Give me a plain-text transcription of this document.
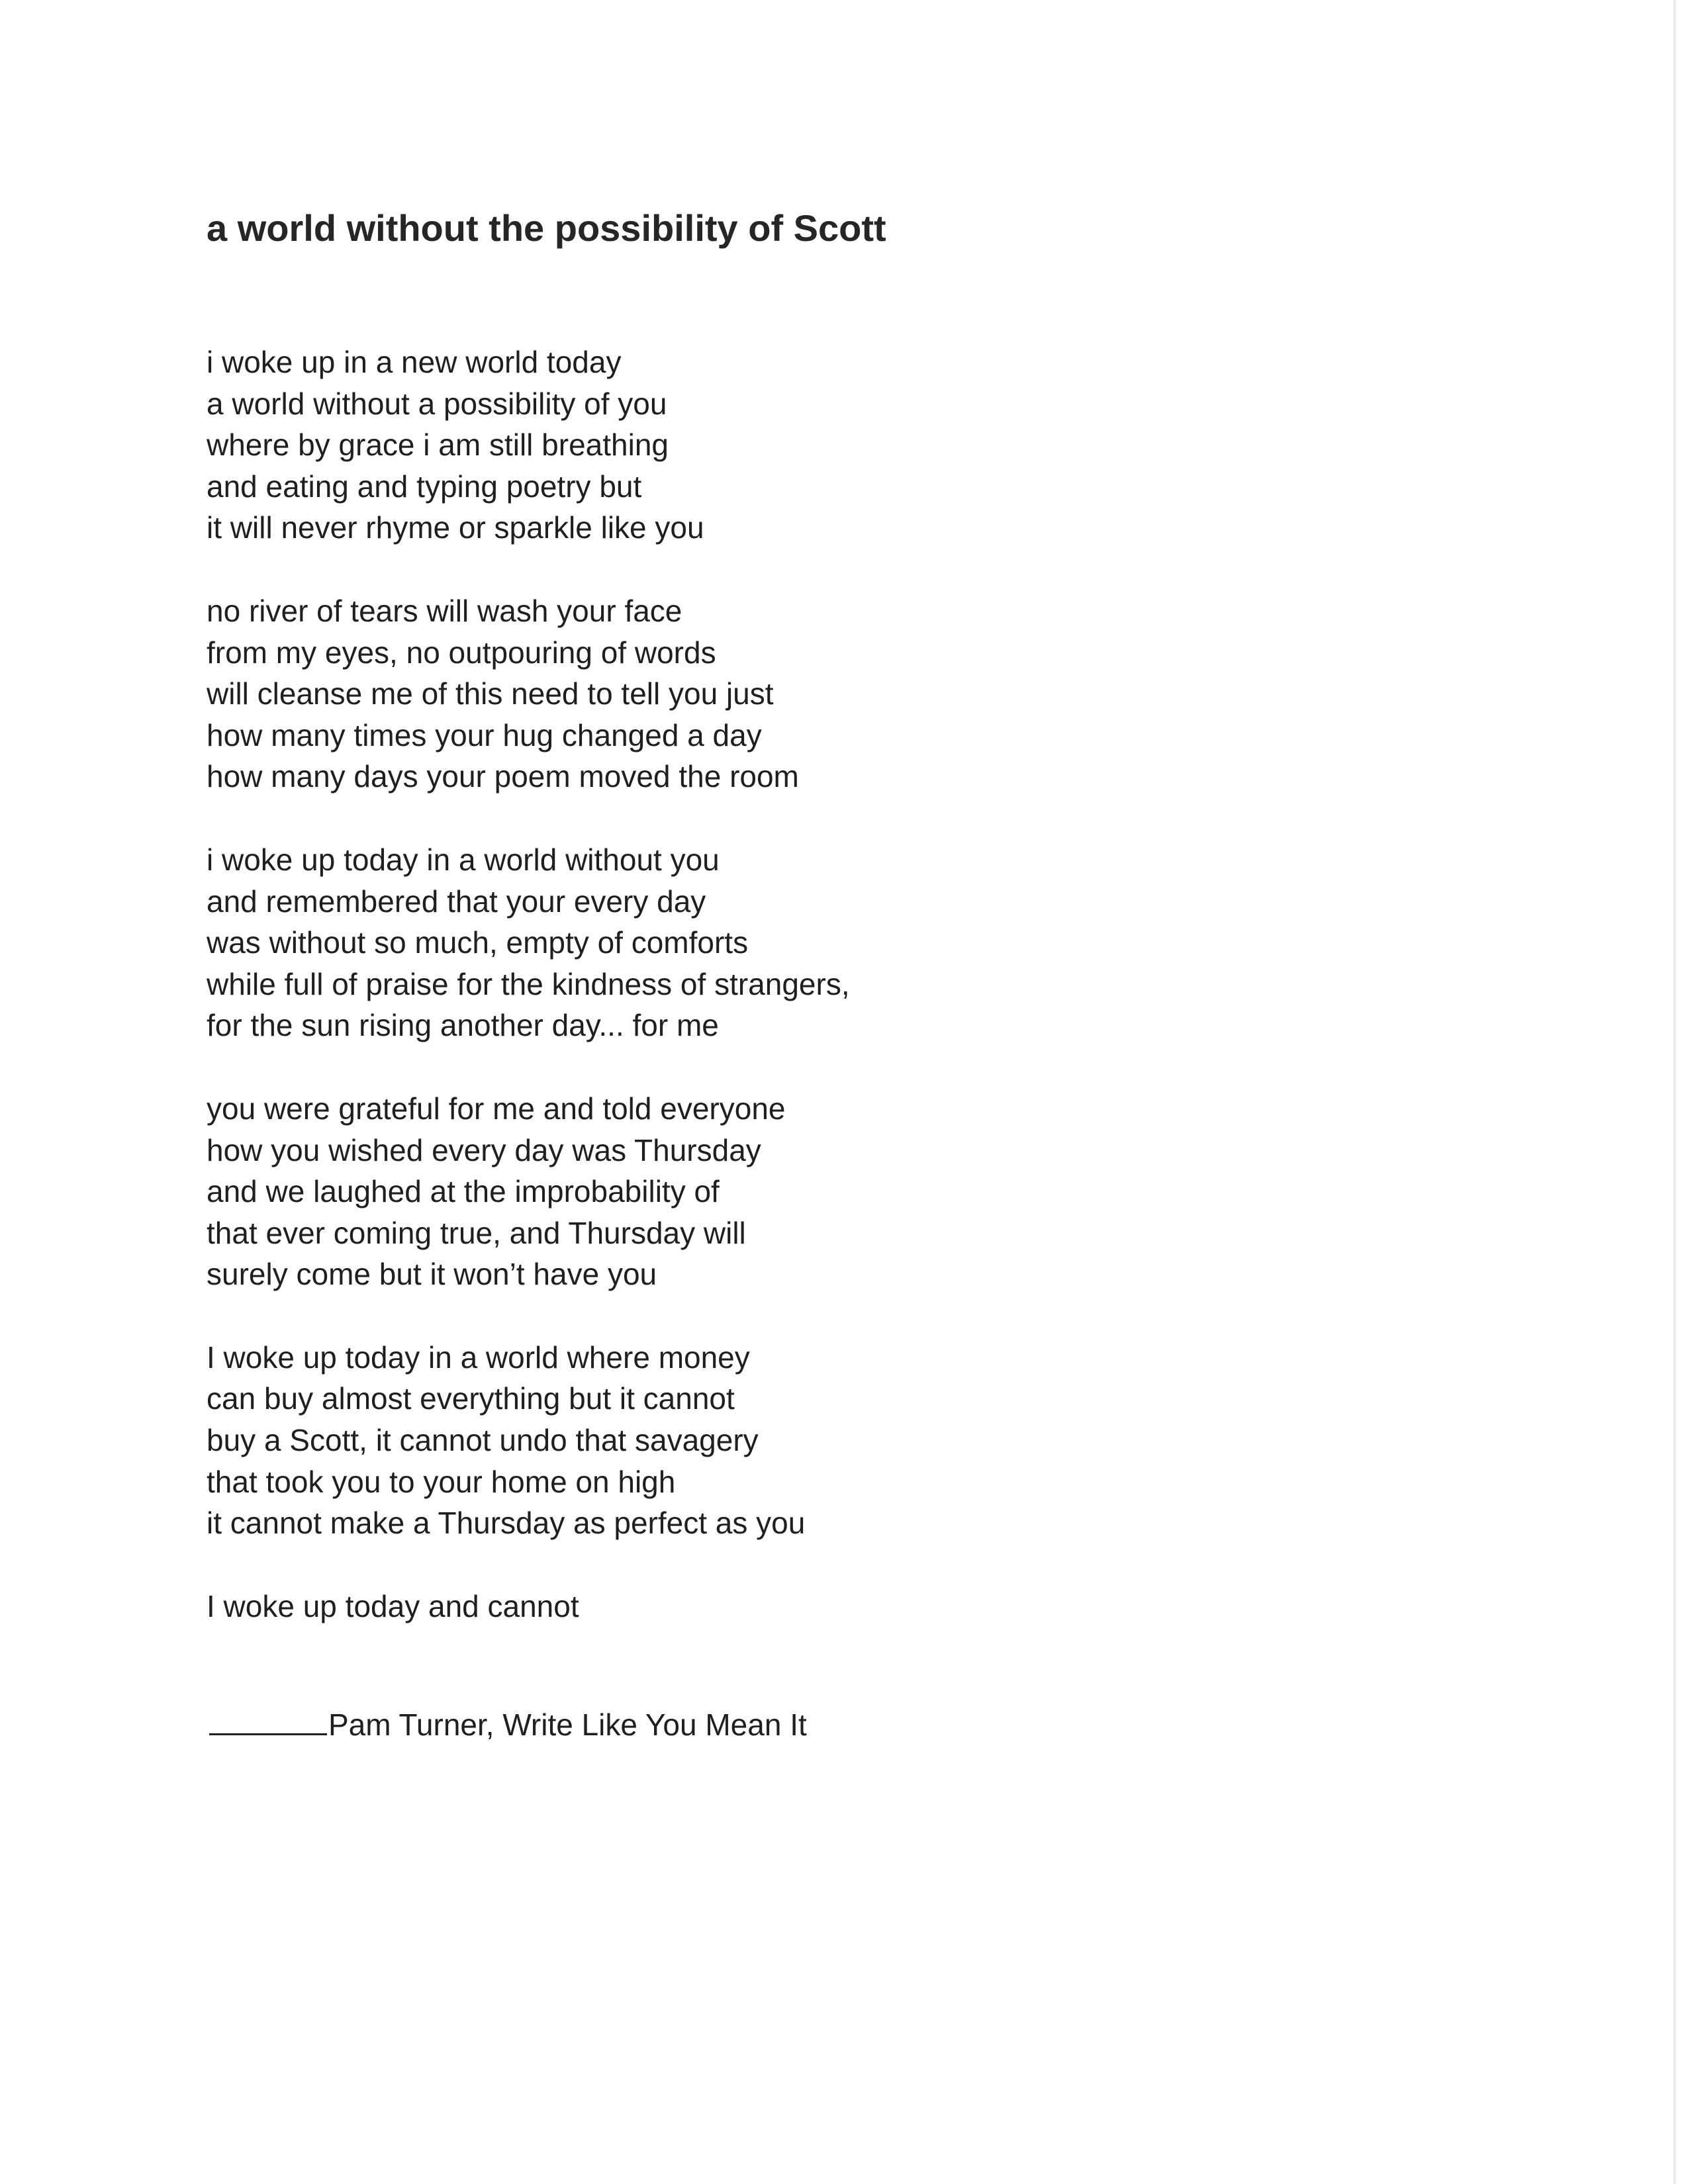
a world without the possibility of Scott
i woke up in a new world today
a world without a possibility of you
where by grace i am still breathing
and eating and typing poetry but
it will never rhyme or sparkle like you
no river of tears will wash your face
from my eyes, no outpouring of words
will cleanse me of this need to tell you just
how many times your hug changed a day
how many days your poem moved the room
i woke up today in a world without you
and remembered that your every day
was without so much, empty of comforts
while full of praise for the kindness of strangers,
for the sun rising another day... for me
you were grateful for me and told everyone
how you wished every day was Thursday
and we laughed at the improbability of
that ever coming true, and Thursday will
surely come but it won’t have you
I woke up today in a world where money
can buy almost everything but it cannot
buy a Scott, it cannot undo that savagery
that took you to your home on high
it cannot make a Thursday as perfect as you
I woke up today and cannot
Pam Turner, Write Like You Mean It
